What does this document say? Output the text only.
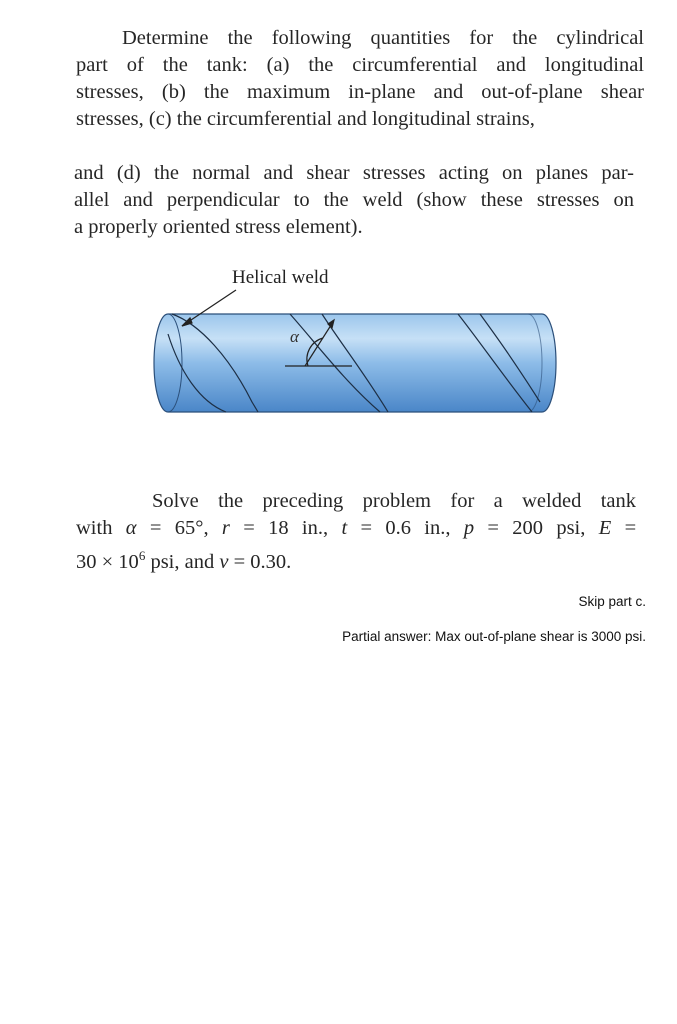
Determine the following quantities for the cylindrical
part of the tank: (a) the circumferential and longitudinal
stresses, (b) the maximum in-plane and out-of-plane shear
stresses, (c) the circumferential and longitudinal strains,
and (d) the normal and shear stresses acting on planes par-
allel and perpendicular to the weld (show these stresses on
a properly oriented stress element).
Helical weld
α
Solve the preceding problem for a welded tank
with α = 65°, r = 18 in., t = 0.6 in., p = 200 psi, E =
$30 \times 10^6$ psi, and ν = 0.30.
Skip part c.
Partial answer: Max out-of-plane shear is 3000 psi.
